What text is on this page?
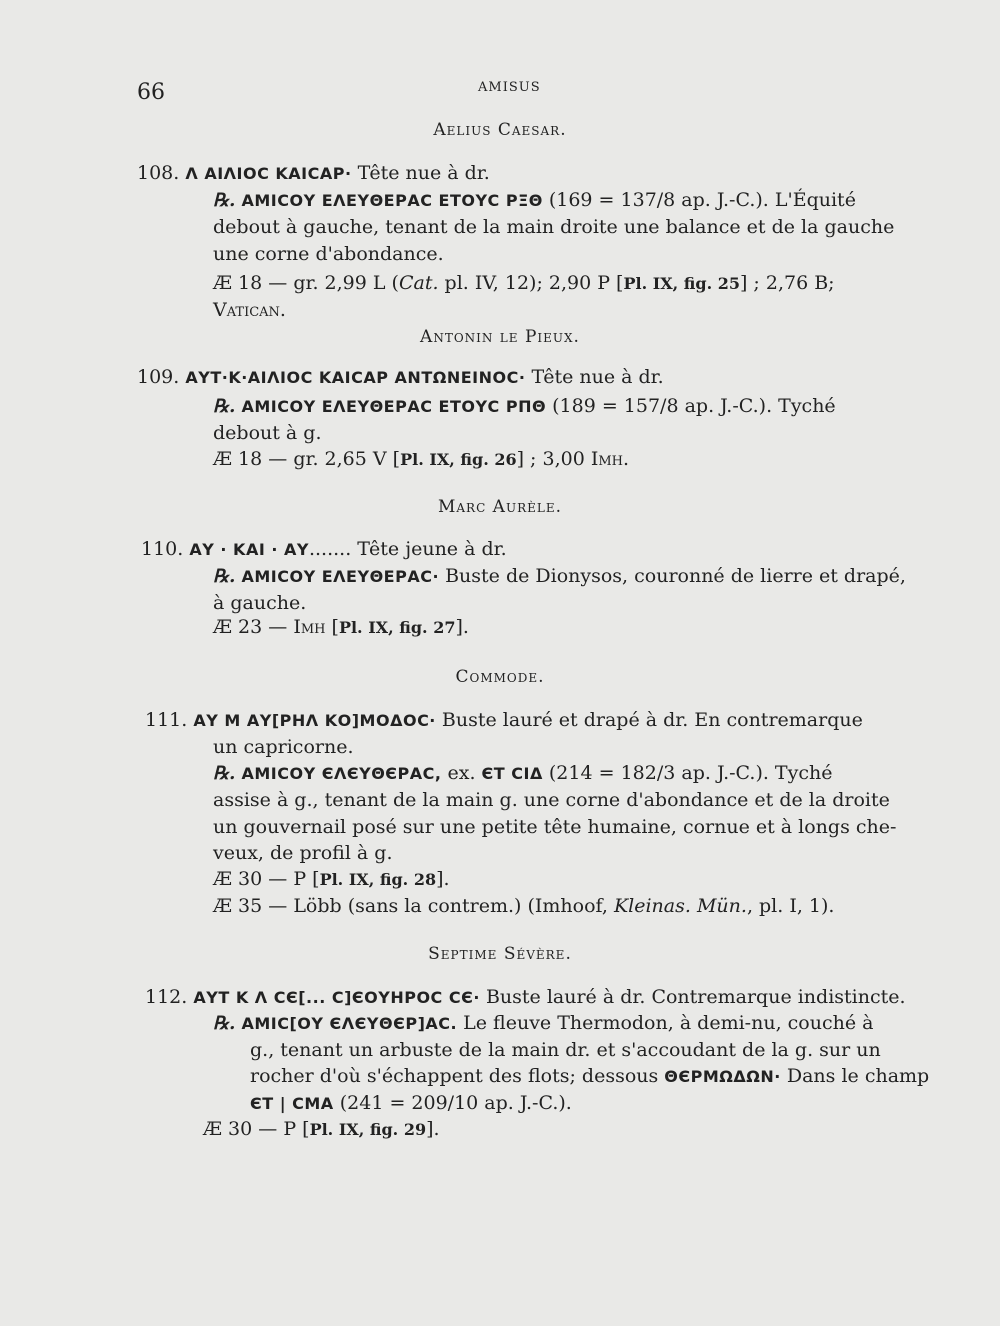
66	AMISUS
Aelius Caesar.
108. Λ ΑΙΛΙΟϹ ΚΑΙϹΑΡ· Tête nue à dr.
℞. ΑΜΙϹΟΥ ΕΛΕΥΘΕΡΑϹ ΕΤΟΥϹ ΡΞΘ (169 = 137/8 ap. J.-C.). L'Équité
debout à gauche, tenant de la main droite une balance et de la gauche
une corne d'abondance.
Æ 18 — gr. 2,99 L (Cat. pl. IV, 12); 2,90 P [Pl. IX, fig. 25] ; 2,76 B;
Vatican.
Antonin le Pieux.
109. ΑΥΤ·Κ·ΑΙΛΙΟϹ ΚΑΙϹΑΡ ΑΝΤΩΝΕΙΝΟϹ· Tête nue à dr.
℞. ΑΜΙϹΟΥ ΕΛΕΥΘΕΡΑϹ ΕΤΟΥϹ ΡΠΘ (189 = 157/8 ap. J.-C.). Tyché
debout à g.
Æ 18 — gr. 2,65 V [Pl. IX, fig. 26] ; 3,00 Imh.
Marc Aurèle.
110. ΑΥ · ΚΑΙ · ΑΥ....... Tête jeune à dr.
℞. ΑΜΙϹΟΥ ΕΛΕΥΘΕΡΑϹ· Buste de Dionysos, couronné de lierre et drapé,
à gauche.
Æ 23 — Imh [Pl. IX, fig. 27].
Commode.
111. ΑΥ Μ ΑΥ[ΡΗΛ ΚΟ]ΜΟΔΟϹ· Buste lauré et drapé à dr. En contremarque
un capricorne.
℞. ΑΜΙϹΟΥ ЄΛЄΥΘЄΡΑϹ, ex. ЄΤ ϹΙΔ (214 = 182/3 ap. J.-C.). Tyché
assise à g., tenant de la main g. une corne d'abondance et de la droite
un gouvernail posé sur une petite tête humaine, cornue et à longs che-
veux, de profil à g.
Æ 30 — P [Pl. IX, fig. 28].
Æ 35 — Löbb (sans la contrem.) (Imhoof, Kleinas. Mün., pl. I, 1).
Septime Sévère.
112. ΑΥΤ Κ Λ ϹЄ[... Ϲ]ЄΟΥΗΡΟϹ ϹЄ· Buste lauré à dr. Contremarque indistincte.
℞. ΑΜΙϹ[ΟΥ ЄΛЄΥΘЄΡ]ΑϹ. Le fleuve Thermodon, à demi-nu, couché à
g., tenant un arbuste de la main dr. et s'accoudant de la g. sur un
rocher d'où s'échappent des flots; dessous ΘЄΡΜΩΔΩΝ· Dans le champ
ЄΤ | ϹΜΑ (241 = 209/10 ap. J.-C.).
Æ 30 — P [Pl. IX, fig. 29].
